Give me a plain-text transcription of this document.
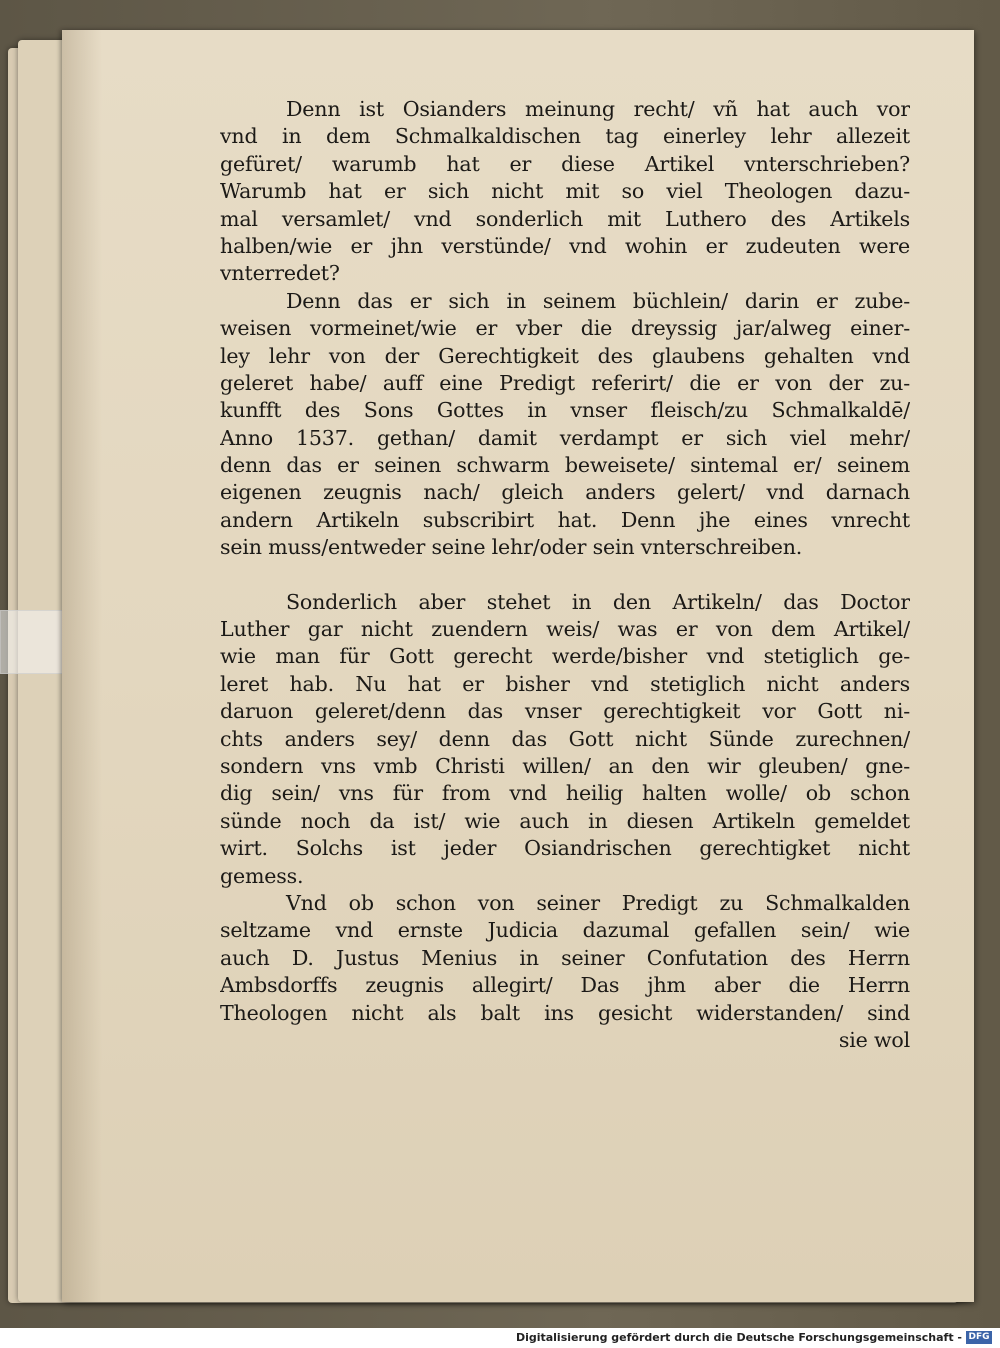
Denn ist Osianders meinung recht/ vñ hat auch vor
vnd in dem Schmalkaldischen tag einerley lehr allezeit
gefüret/ warumb hat er diese Artikel vnterschrieben?
Warumb hat er sich nicht mit so viel Theologen dazu-
mal versamlet/ vnd sonderlich mit Luthero des Artikels
halben/wie er jhn verstünde/ vnd wohin er zudeuten were
vnterredet?
Denn das er sich in seinem büchlein/ darin er zube-
weisen vormeinet/wie er vber die dreyssig jar/alweg einer-
ley lehr von der Gerechtigkeit des glaubens gehalten vnd
geleret habe/ auff eine Predigt referirt/ die er von der zu-
kunfft des Sons Gottes in vnser fleisch/zu Schmalkaldē/
Anno 1537. gethan/ damit verdampt er sich viel mehr/
denn das er seinen schwarm beweisete/ sintemal er/ seinem
eigenen zeugnis nach/ gleich anders gelert/ vnd darnach
andern Artikeln subscribirt hat. Denn jhe eines vnrecht
sein muss/entweder seine lehr/oder sein vnterschreiben.
Sonderlich aber stehet in den Artikeln/ das Doctor
Luther gar nicht zuendern weis/ was er von dem Artikel/
wie man für Gott gerecht werde/bisher vnd stetiglich ge-
leret hab. Nu hat er bisher vnd stetiglich nicht anders
daruon geleret/denn das vnser gerechtigkeit vor Gott ni-
chts anders sey/ denn das Gott nicht Sünde zurechnen/
sondern vns vmb Christi willen/ an den wir gleuben/ gne-
dig sein/ vns für from vnd heilig halten wolle/ ob schon
sünde noch da ist/ wie auch in diesen Artikeln gemeldet
wirt. Solchs ist jeder Osiandrischen gerechtigket nicht
gemess.
Vnd ob schon von seiner Predigt zu Schmalkalden
seltzame vnd ernste Judicia dazumal gefallen sein/ wie
auch D. Justus Menius in seiner Confutation des Herrn
Ambsdorffs zeugnis allegirt/ Das jhm aber die Herrn
Theologen nicht als balt ins gesicht widerstanden/ sind
sie wol
Digitalisierung gefördert durch die Deutsche Forschungsgemeinschaft - DFG
